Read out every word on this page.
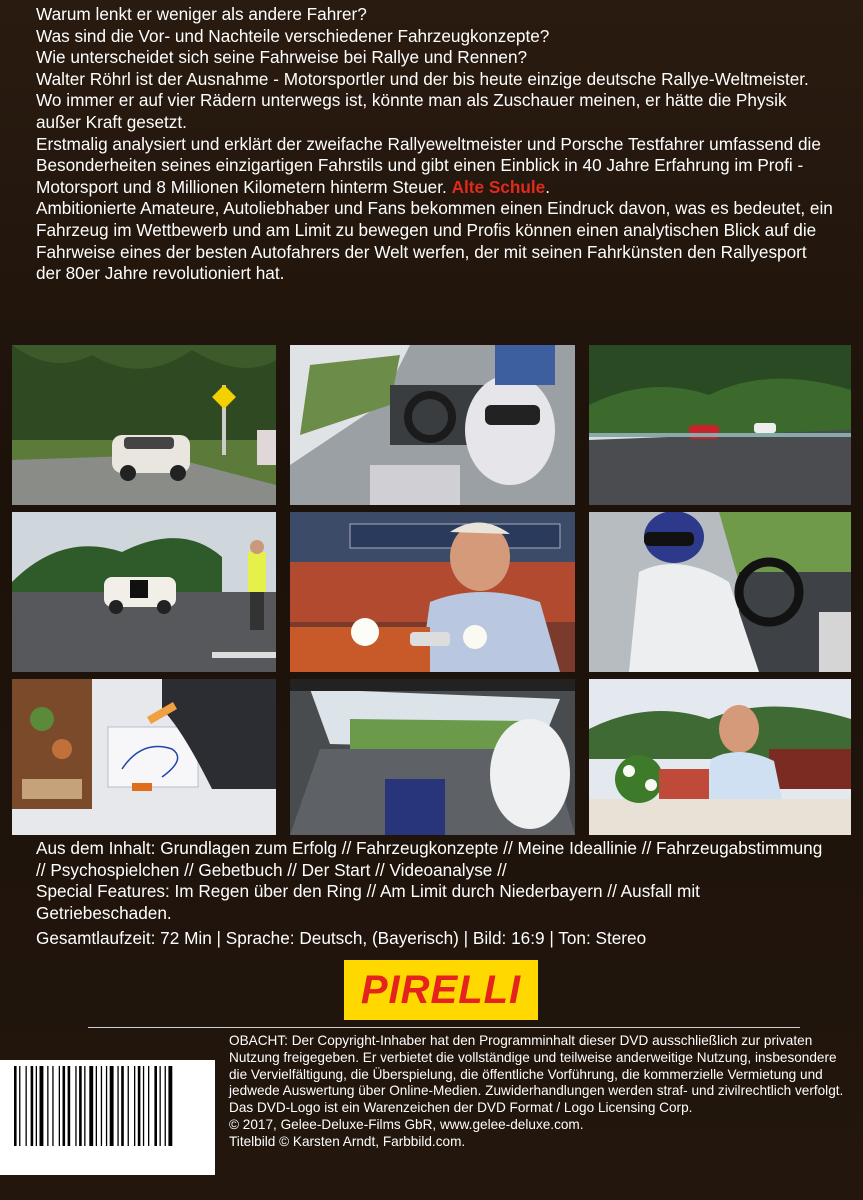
Warum lenkt er weniger als andere Fahrer?

Was sind die Vor- und Nachteile verschiedener Fahrzeugkonzepte?

Wie unterscheidet sich seine Fahrweise bei Rallye und Rennen?

Walter Röhrl ist der Ausnahme - Motorsportler und der bis heute einzige deutsche Rallye-Weltmeister. Wo immer er auf vier Rädern unterwegs ist, könnte man als Zuschauer meinen, er hätte die Physik außer Kraft gesetzt.

Erstmalig analysiert und erklärt der zweifache Rallyeweltmeister und Porsche Testfahrer umfassend die Besonderheiten seines einzigartigen Fahrstils und gibt einen Einblick in 40 Jahre Erfahrung im Profi - Motorsport und 8 Millionen Kilometern hinterm Steuer. Alte Schule.

Ambitionierte Amateure, Autoliebhaber und Fans bekommen einen Eindruck davon, was es bedeutet, ein Fahrzeug im Wettbewerb und am Limit zu bewegen und Profis können einen analytischen Blick auf die Fahrweise eines der besten Autofahrers der Welt werfen, der mit seinen Fahrkünsten den Rallyesport der 80er Jahre revolutioniert hat.

Aus dem Inhalt: Grundlagen zum Erfolg // Fahrzeugkonzepte // Meine Ideallinie // Fahrzeugabstimmung // Psychospielchen // Gebetbuch // Der Start // Videoanalyse //

Special Features: Im Regen über den Ring // Am Limit durch Niederbayern // Ausfall mit Getriebeschaden.

Gesamtlaufzeit: 72 Min | Sprache: Deutsch, (Bayerisch) | Bild: 16:9 | Ton: Stereo

PIRELLI

OBACHT: Der Copyright-Inhaber hat den Programminhalt dieser DVD ausschließlich zur privaten Nutzung freigegeben. Er verbietet die vollständige und teilweise anderweitige Nutzung, insbesondere die Vervielfältigung, die Überspielung, die öffentliche Vorführung, die kommerzielle Vermietung und jedwede Auswertung über Online-Medien. Zuwiderhandlungen werden straf- und zivilrechtlich verfolgt.

Das DVD-Logo ist ein Warenzeichen der DVD Format / Logo Licensing Corp.

© 2017, Gelee-Deluxe-Films GbR, www.gelee-deluxe.com.

Titelbild © Karsten Arndt, Farbbild.com.

4 260086 130039
